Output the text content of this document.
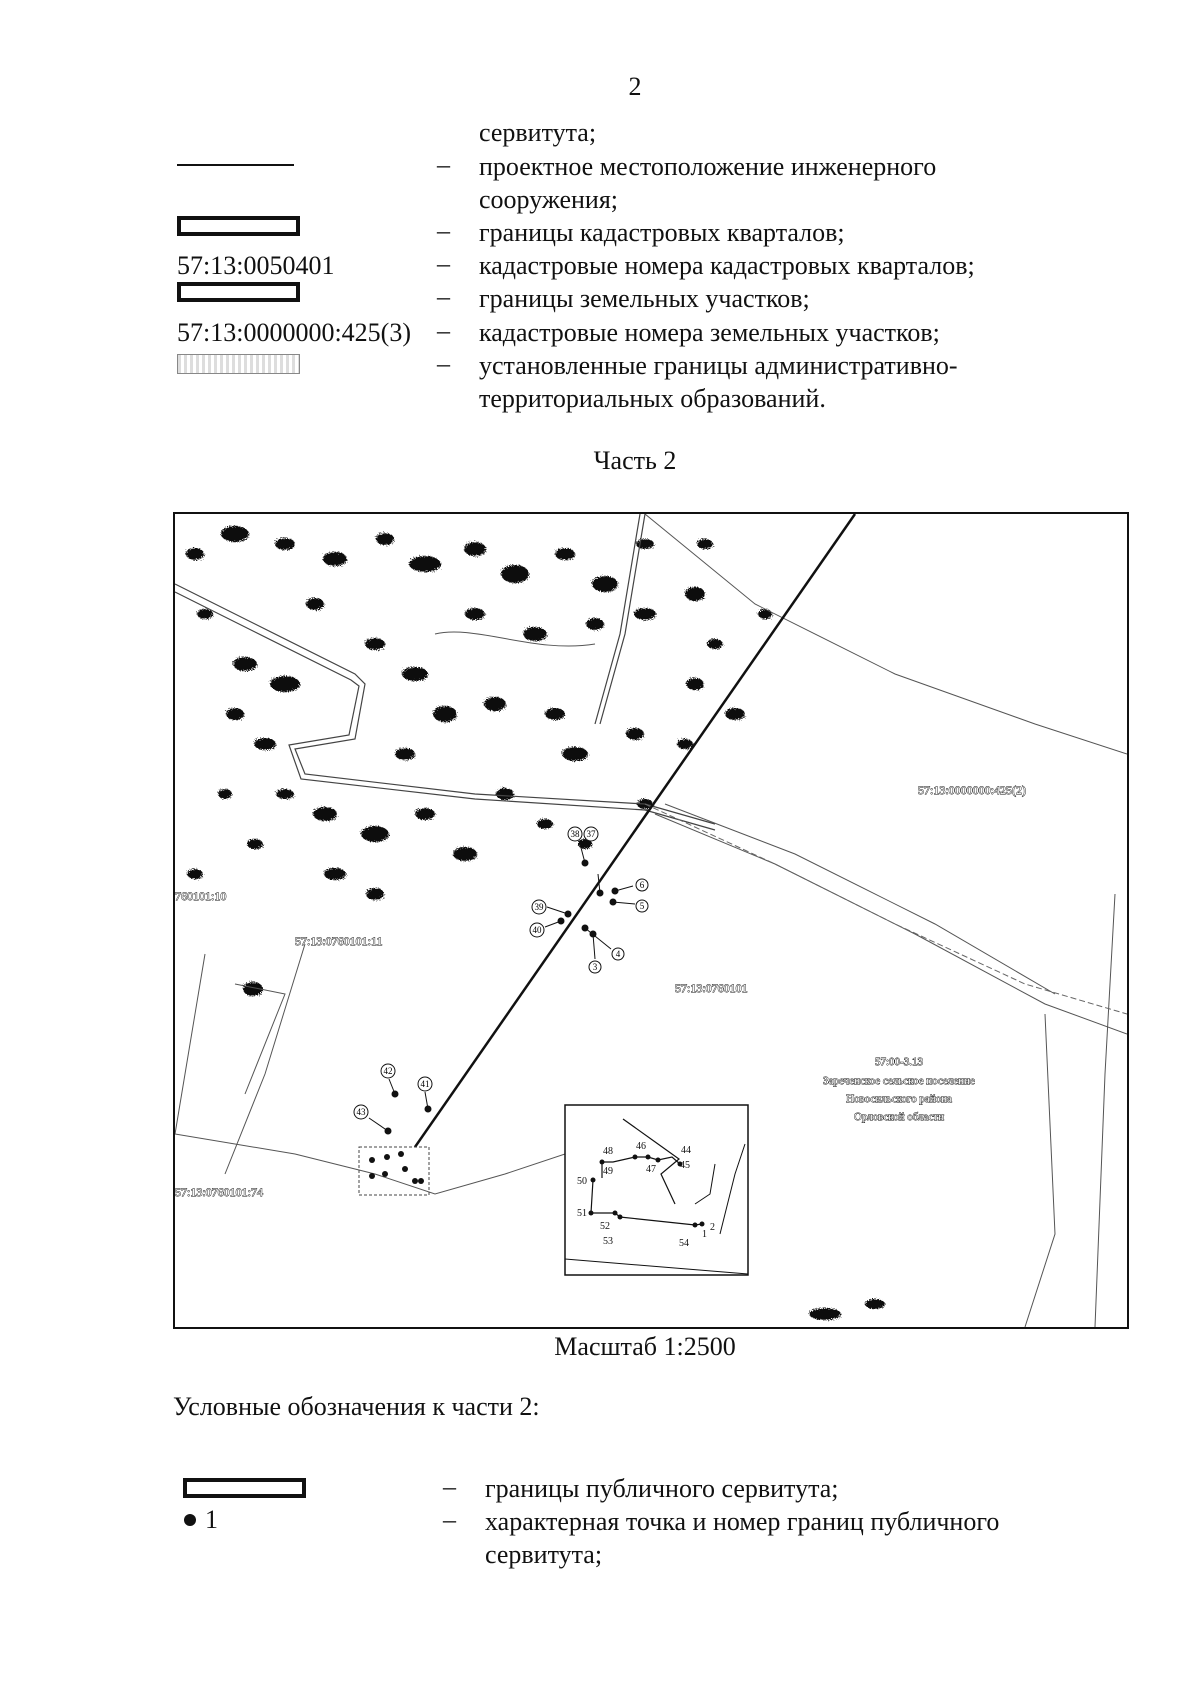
2
сервитута;
– проектное местоположение инженерного
сооружения;
– границы кадастровых кварталов;
57:13:0050401	– кадастровые номера кадастровых кварталов;
– границы земельных участков;
57:13:0000000:425(3) – кадастровые номера земельных участков;
– установленные границы административно-
территориальных образований.
Часть 2
38 37
6
5
39
40
4
3
42
41
43
57:13:0000000:425(2)
760101:10
57:13:0760101:11
57:13:0760101
57:13:0760101:74
57:00-3.13
Зареченское сельское поселение
Новосильского района
Орловской области
48 46	44
49	47 45
50
51
52
53	54
1
2
Масштаб 1:2500
Условные обозначения к части 2:
– границы публичного сервитута;
1	– характерная точка и номер границ публичного
сервитута;
